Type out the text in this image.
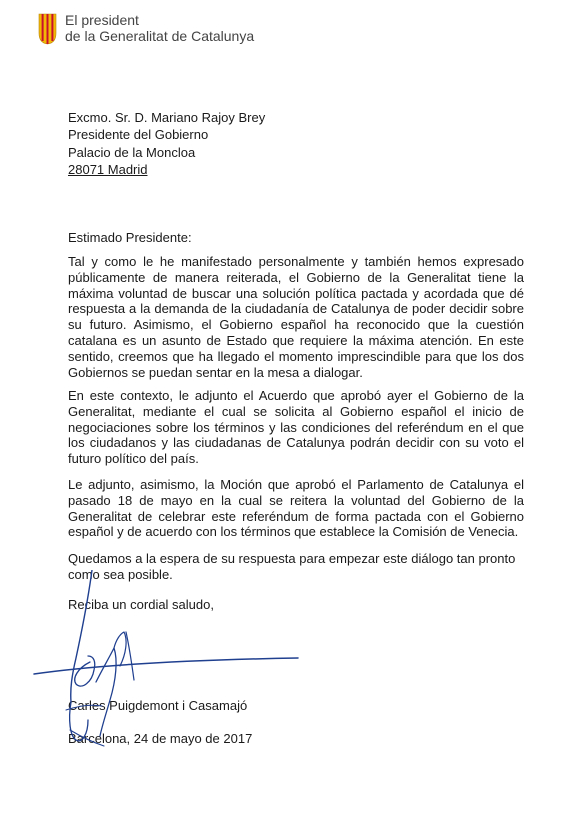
El president
de la Generalitat de Catalunya
Excmo. Sr. D. Mariano Rajoy Brey
Presidente del Gobierno
Palacio de la Moncloa
28071 Madrid
Estimado Presidente:

Tal y como le he manifestado personalmente y también hemos expresado públicamente de manera reiterada, el Gobierno de la Generalitat tiene la máxima voluntad de buscar una solución política pactada y acordada que dé respuesta a la demanda de la ciudadanía de Catalunya de poder decidir sobre su futuro. Asimismo, el Gobierno español ha reconocido que la cuestión catalana es un asunto de Estado que requiere la máxima atención. En este sentido, creemos que ha llegado el momento imprescindible para que los dos Gobiernos se puedan sentar en la mesa a dialogar.

En este contexto, le adjunto el Acuerdo que aprobó ayer el Gobierno de la Generalitat, mediante el cual se solicita al Gobierno español el inicio de negociaciones sobre los términos y las condiciones del referéndum en el que los ciudadanos y las ciudadanas de Catalunya podrán decidir con su voto el futuro político del país.

Le adjunto, asimismo, la Moción que aprobó el Parlamento de Catalunya el pasado 18 de mayo en la cual se reitera la voluntad del Gobierno de la Generalitat de celebrar este referéndum de forma pactada con el Gobierno español y de acuerdo con los términos que establece la Comisión de Venecia.

Quedamos a la espera de su respuesta para empezar este diálogo tan pronto como sea posible.

Reciba un cordial saludo,
Carles Puigdemont i Casamajó
Barcelona, 24 de mayo de 2017
